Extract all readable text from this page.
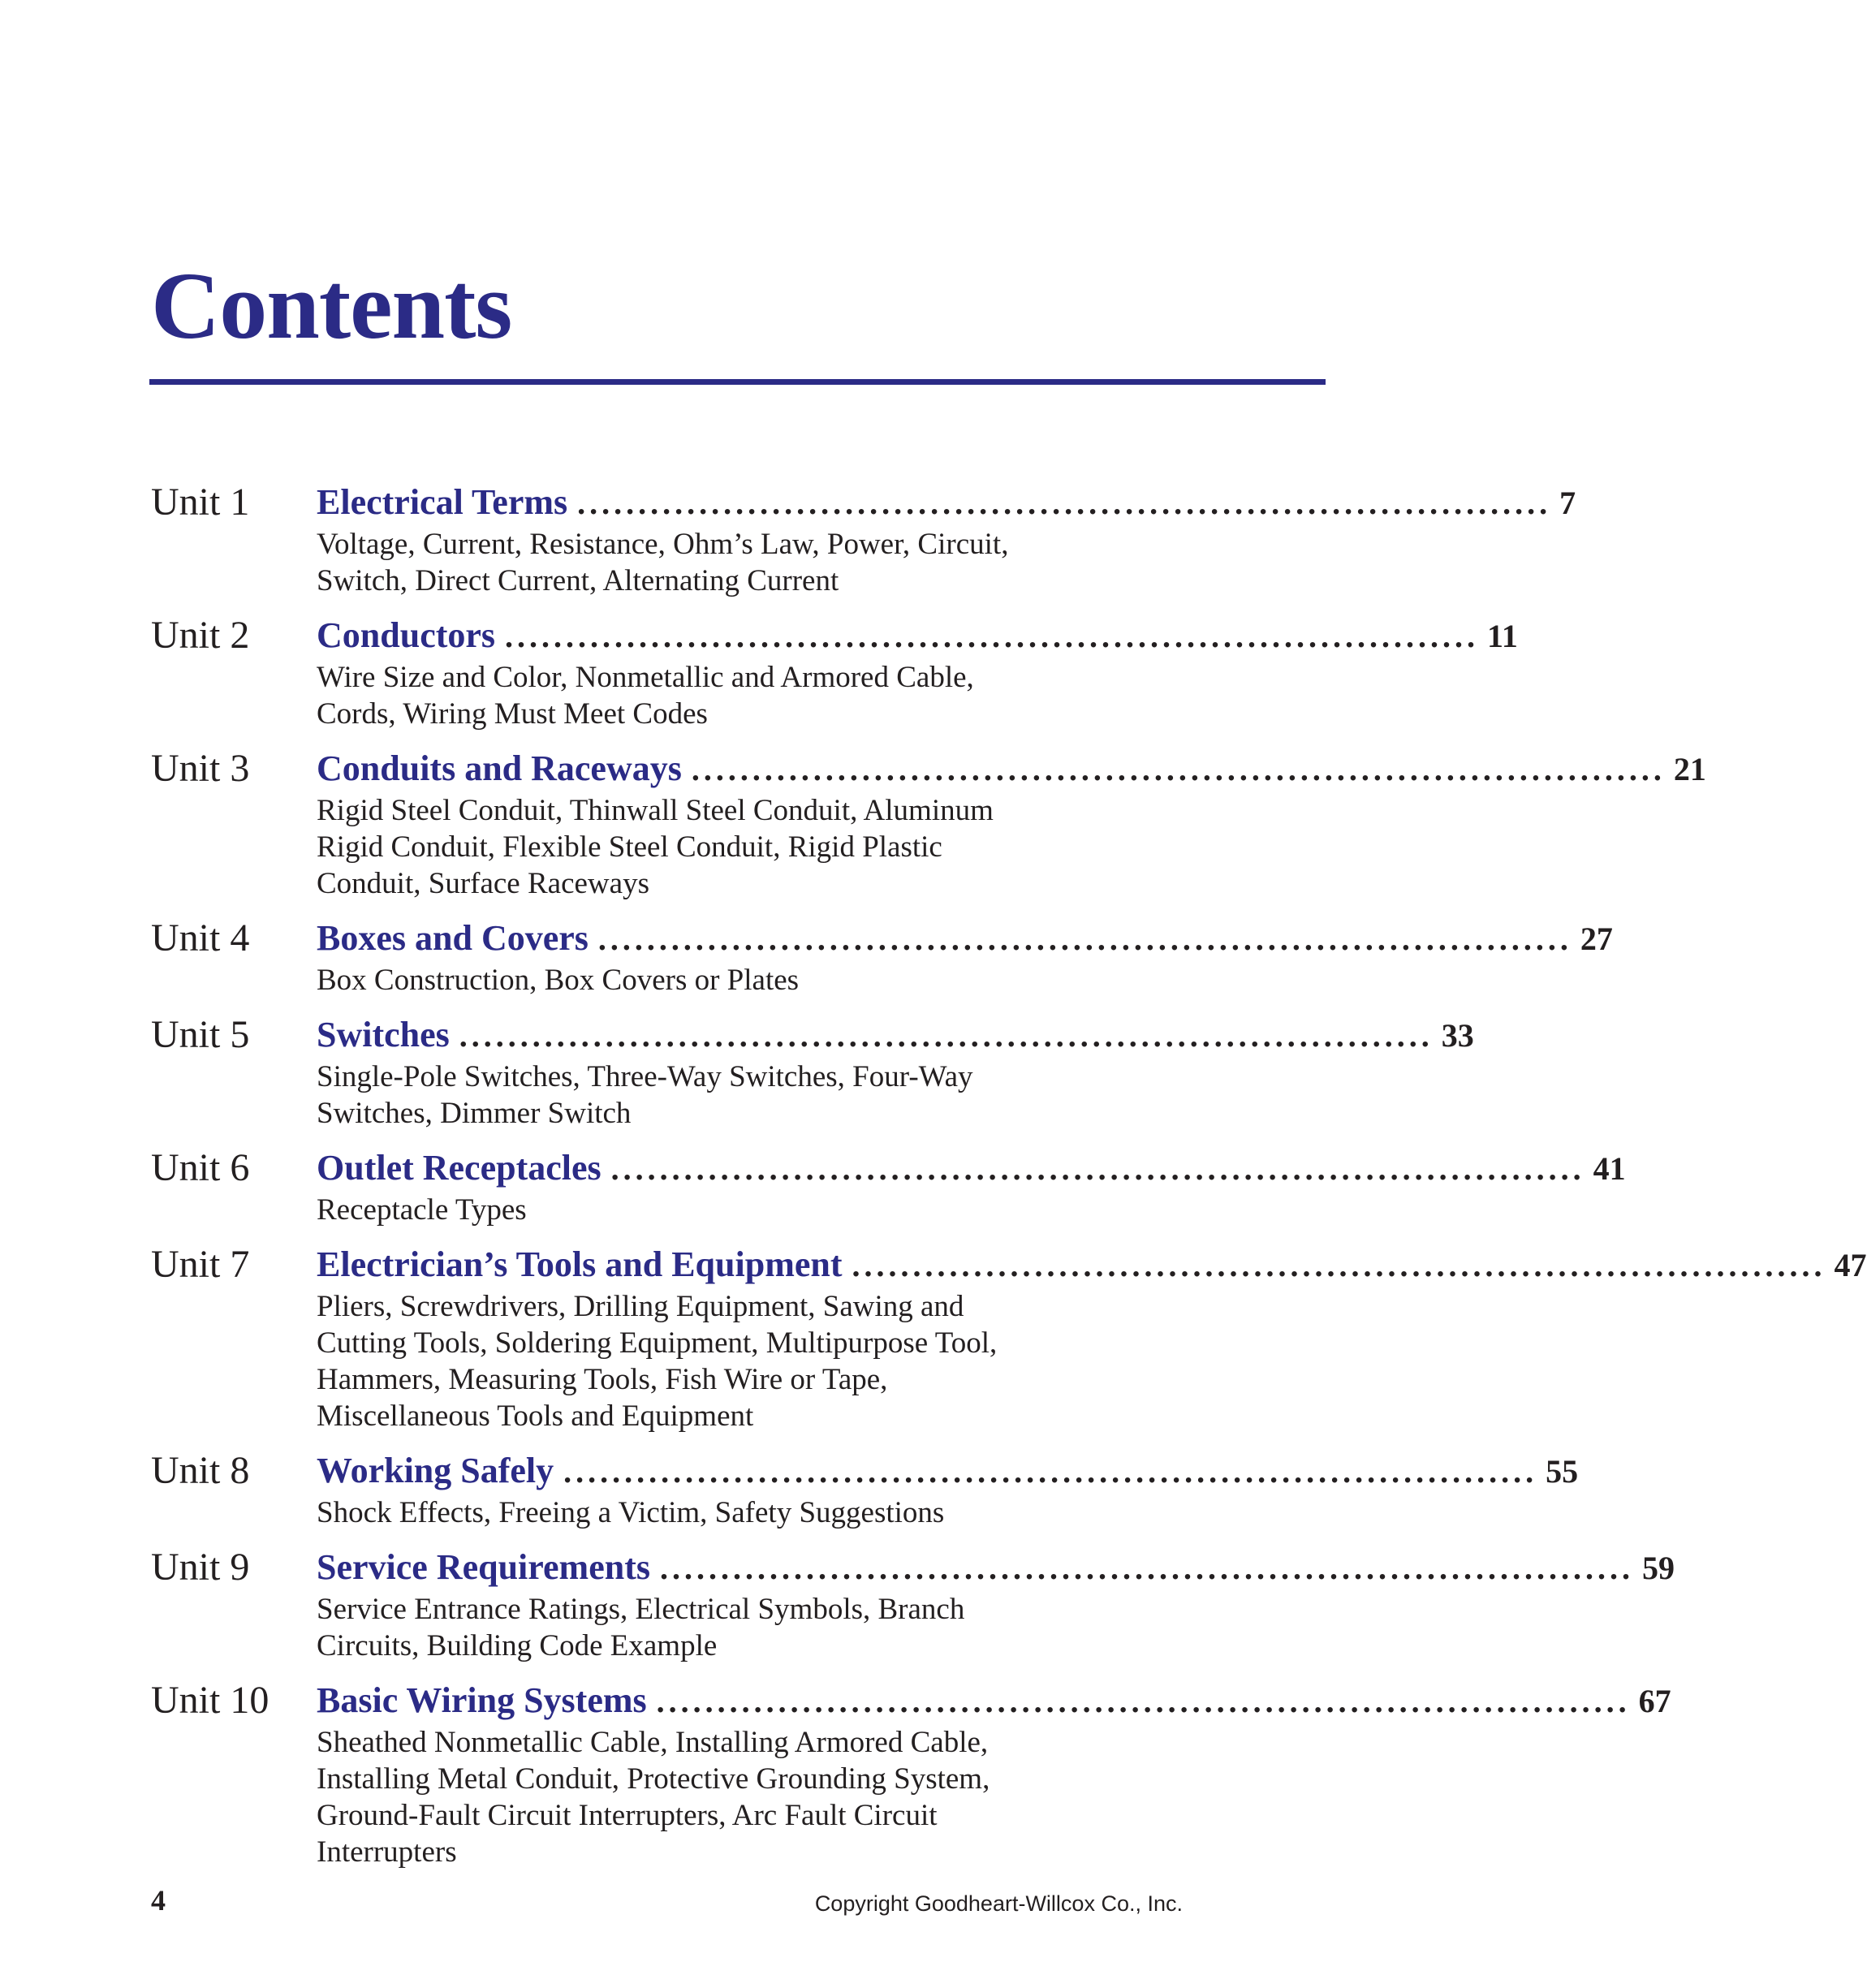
Contents
Unit 1 Electrical Terms ................................................................................ 7
Voltage, Current, Resistance, Ohm’s Law, Power, Circuit,
Switch, Direct Current, Alternating Current
Unit 2 Conductors ................................................................................ 11
Wire Size and Color, Nonmetallic and Armored Cable,
Cords, Wiring Must Meet Codes
Unit 3 Conduits and Raceways ................................................................................ 21
Rigid Steel Conduit, Thinwall Steel Conduit, Aluminum
Rigid Conduit, Flexible Steel Conduit, Rigid Plastic
Conduit, Surface Raceways
Unit 4 Boxes and Covers ................................................................................ 27
Box Construction, Box Covers or Plates
Unit 5 Switches ................................................................................ 33
Single-Pole Switches, Three-Way Switches, Four-Way
Switches, Dimmer Switch
Unit 6 Outlet Receptacles ................................................................................ 41
Receptacle Types
Unit 7 Electrician’s Tools and Equipment ................................................................................ 47
Pliers, Screwdrivers, Drilling Equipment, Sawing and
Cutting Tools, Soldering Equipment, Multipurpose Tool,
Hammers, Measuring Tools, Fish Wire or Tape,
Miscellaneous Tools and Equipment
Unit 8 Working Safely ................................................................................ 55
Shock Effects, Freeing a Victim, Safety Suggestions
Unit 9 Service Requirements ................................................................................ 59
Service Entrance Ratings, Electrical Symbols, Branch
Circuits, Building Code Example
Unit 10 Basic Wiring Systems ................................................................................ 67
Sheathed Nonmetallic Cable, Installing Armored Cable,
Installing Metal Conduit, Protective Grounding System,
Ground-Fault Circuit Interrupters, Arc Fault Circuit
Interrupters
4	Copyright Goodheart-Willcox Co., Inc.
